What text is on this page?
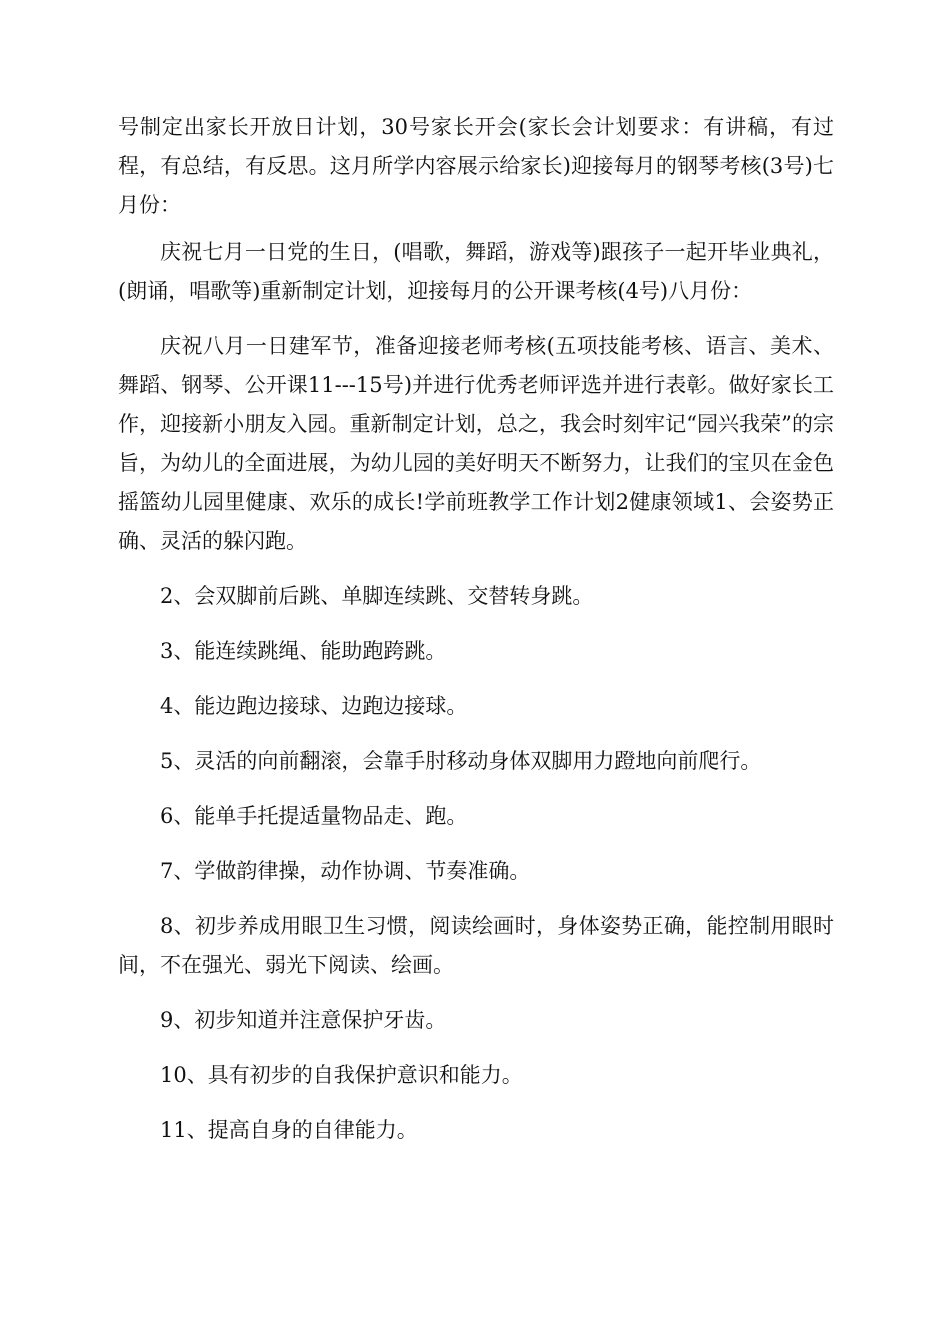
号制定出家长开放日计划，30号家长开会(家长会计划要求：有讲稿，有过程，有总结，有反思。这月所学内容展示给家长)迎接每月的钢琴考核(3号)七月份：

庆祝七月一日党的生日，(唱歌，舞蹈，游戏等)跟孩子一起开毕业典礼，(朗诵，唱歌等)重新制定计划，迎接每月的公开课考核(4号)八月份：

庆祝八月一日建军节，准备迎接老师考核(五项技能考核、语言、美术、舞蹈、钢琴、公开课11---15号)并进行优秀老师评选并进行表彰。做好家长工作，迎接新小朋友入园。重新制定计划，总之，我会时刻牢记“园兴我荣”的宗旨，为幼儿的全面进展，为幼儿园的美好明天不断努力，让我们的宝贝在金色摇篮幼儿园里健康、欢乐的成长!学前班教学工作计划2健康领域1、会姿势正确、灵活的躲闪跑。

2、会双脚前后跳、单脚连续跳、交替转身跳。

3、能连续跳绳、能助跑跨跳。

4、能边跑边接球、边跑边接球。

5、灵活的向前翻滚，会靠手肘移动身体双脚用力蹬地向前爬行。

6、能单手托提适量物品走、跑。

7、学做韵律操，动作协调、节奏准确。

8、初步养成用眼卫生习惯，阅读绘画时，身体姿势正确，能控制用眼时间，不在强光、弱光下阅读、绘画。

9、初步知道并注意保护牙齿。

10、具有初步的自我保护意识和能力。

11、提高自身的自律能力。
